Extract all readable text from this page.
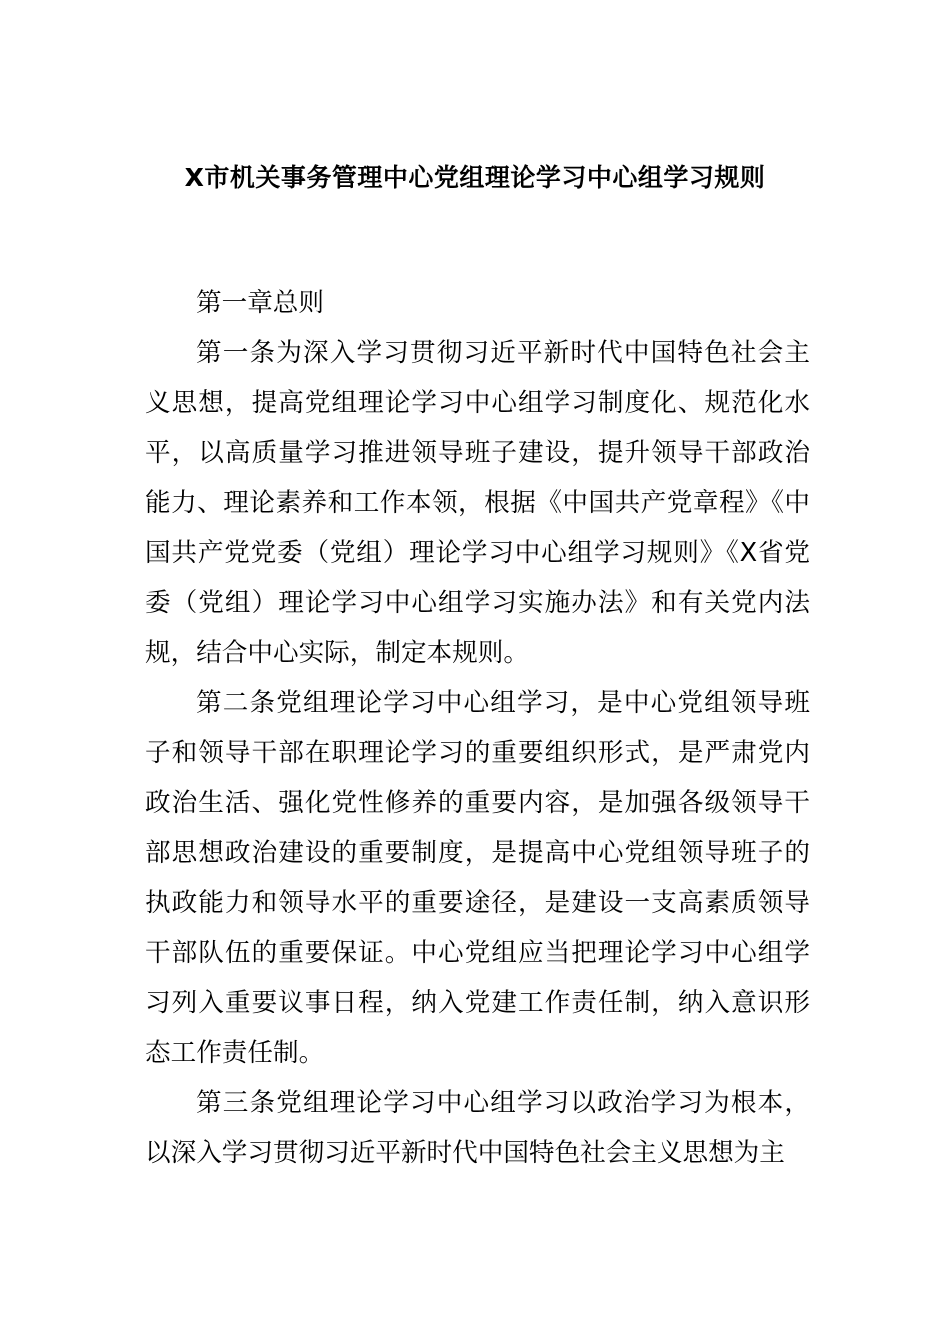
X市机关事务管理中心党组理论学习中心组学习规则

第一章总则

第一条为深入学习贯彻习近平新时代中国特色社会主义思想，提高党组理论学习中心组学习制度化、规范化水平，以高质量学习推进领导班子建设，提升领导干部政治能力、理论素养和工作本领，根据《中国共产党章程》《中国共产党党委（党组）理论学习中心组学习规则》《X省党委（党组）理论学习中心组学习实施办法》和有关党内法规，结合中心实际，制定本规则。

第二条党组理论学习中心组学习，是中心党组领导班子和领导干部在职理论学习的重要组织形式，是严肃党内政治生活、强化党性修养的重要内容，是加强各级领导干部思想政治建设的重要制度，是提高中心党组领导班子的执政能力和领导水平的重要途径，是建设一支高素质领导干部队伍的重要保证。中心党组应当把理论学习中心组学习列入重要议事日程，纳入党建工作责任制，纳入意识形态工作责任制。

第三条党组理论学习中心组学习以政治学习为根本，以深入学习贯彻习近平新时代中国特色社会主义思想为主
